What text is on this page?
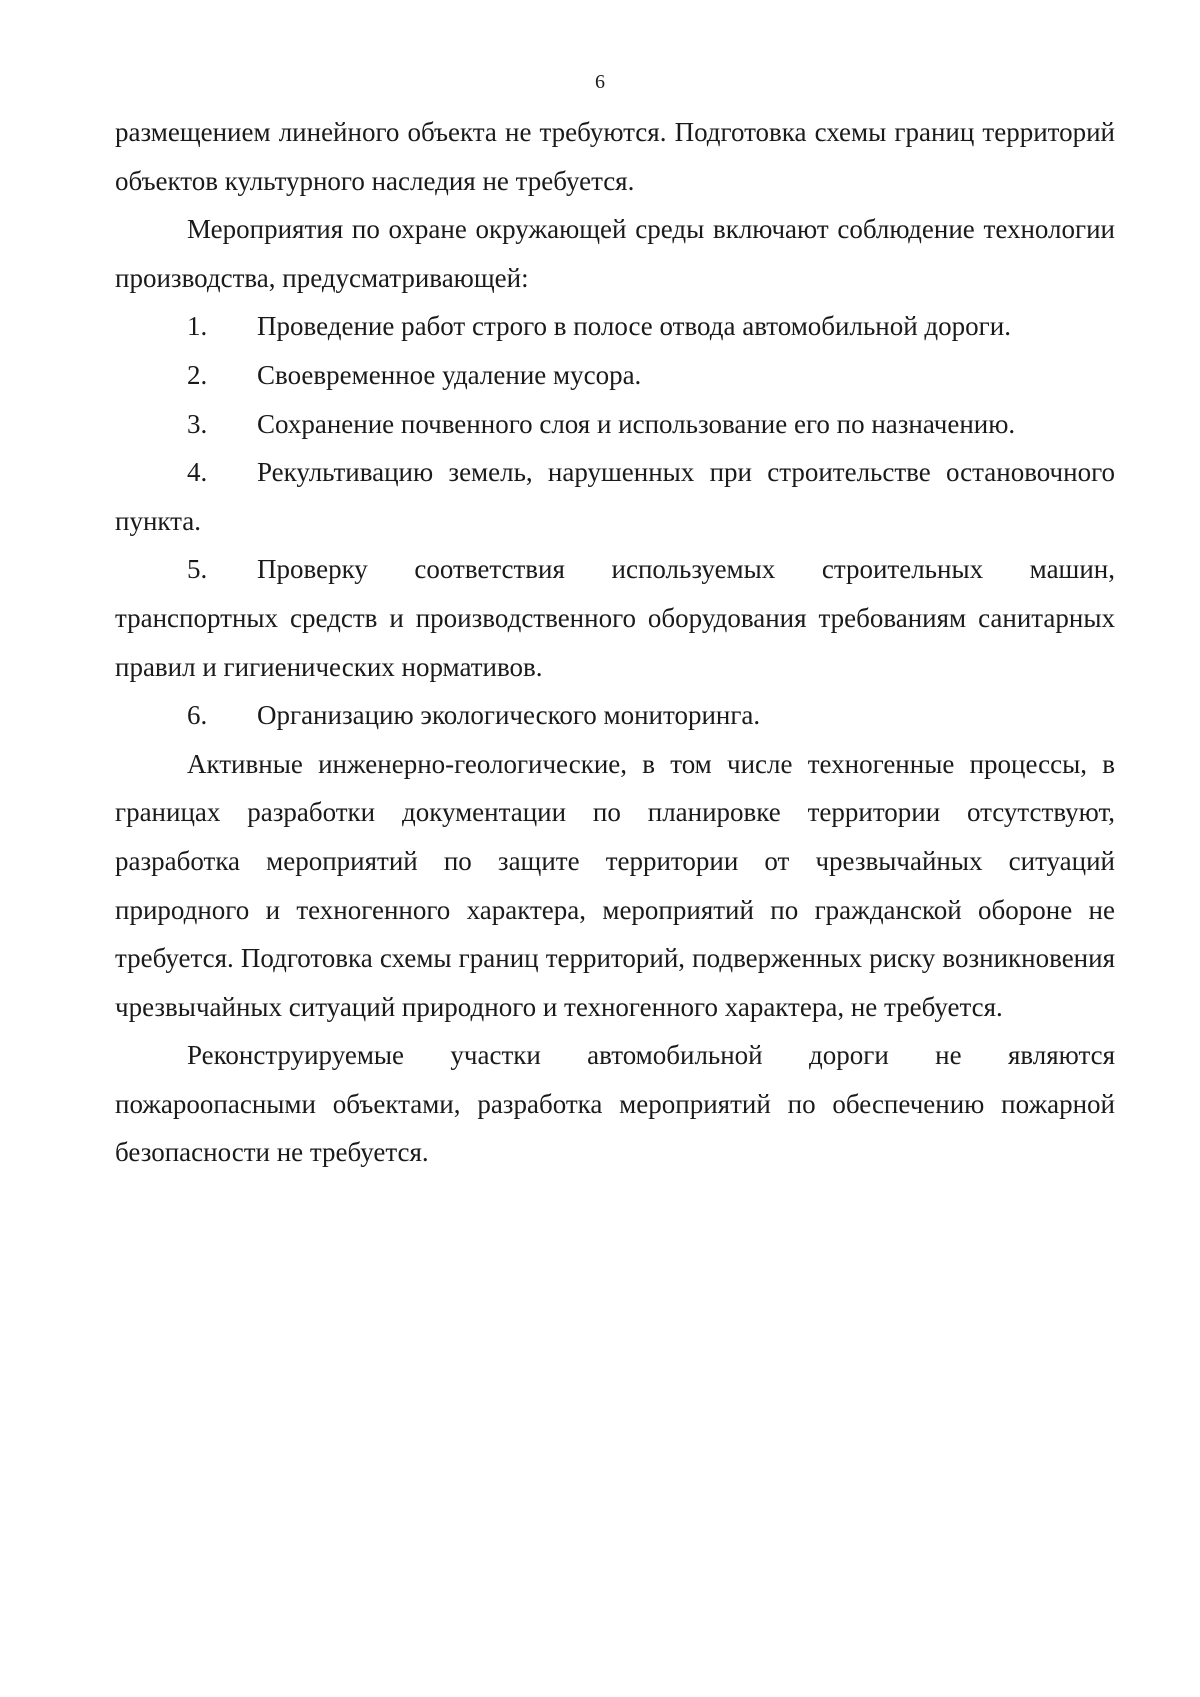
6

размещением линейного объекта не требуются. Подготовка схемы границ территорий объектов культурного наследия не требуется.

Мероприятия по охране окружающей среды включают соблюдение технологии производства, предусматривающей:

1. Проведение работ строго в полосе отвода автомобильной дороги.

2. Своевременное удаление мусора.

3. Сохранение почвенного слоя и использование его по назначению.

4. Рекультивацию земель, нарушенных при строительстве остановочного пункта.

5. Проверку соответствия используемых строительных машин, транспортных средств и производственного оборудования требованиям санитарных правил и гигиенических нормативов.

6. Организацию экологического мониторинга.

Активные инженерно-геологические, в том числе техногенные процессы, в границах разработки документации по планировке территории отсутствуют, разработка мероприятий по защите территории от чрезвычайных ситуаций природного и техногенного характера, мероприятий по гражданской обороне не требуется. Подготовка схемы границ территорий, подверженных риску возникновения чрезвычайных ситуаций природного и техногенного характера, не требуется.

Реконструируемые участки автомобильной дороги не являются пожароопасными объектами, разработка мероприятий по обеспечению пожарной безопасности не требуется.
